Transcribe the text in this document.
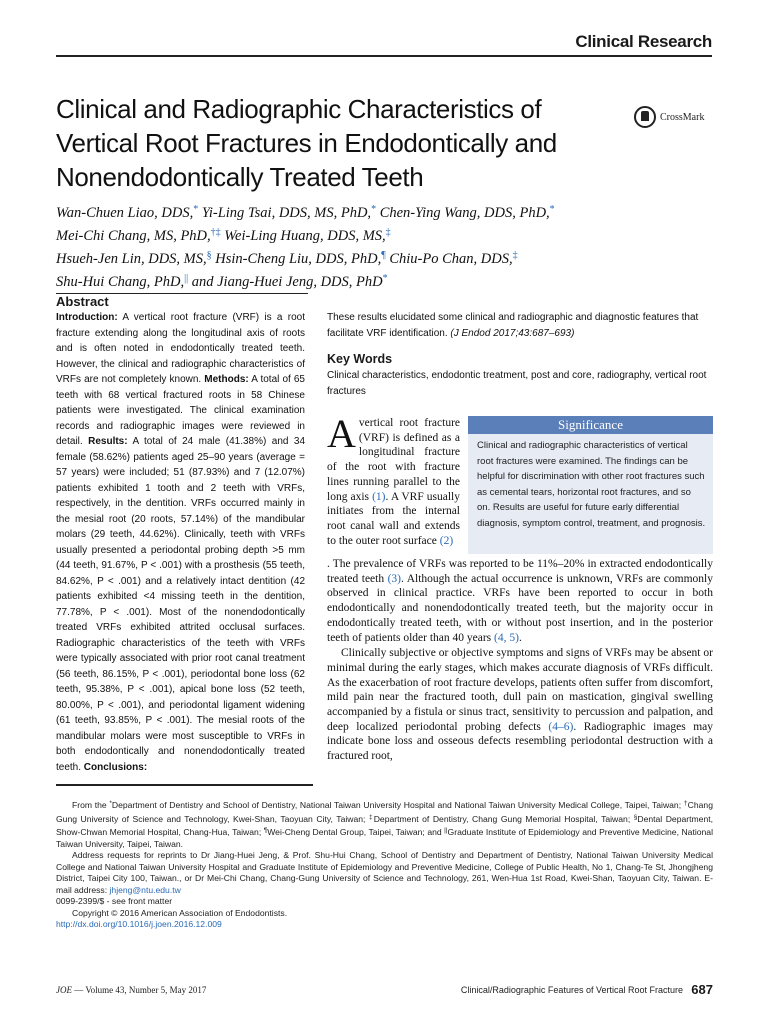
Clinical Research
Clinical and Radiographic Characteristics of
Vertical Root Fractures in Endodontically and
Nonendodontically Treated Teeth
CrossMark
Wan-Chuen Liao, DDS,* Yi-Ling Tsai, DDS, MS, PhD,* Chen-Ying Wang, DDS, PhD,*
Mei-Chi Chang, MS, PhD,†‡ Wei-Ling Huang, DDS, MS,‡
Hsueh-Jen Lin, DDS, MS,§ Hsin-Cheng Liu, DDS, PhD,¶ Chiu-Po Chan, DDS,‡
Shu-Hui Chang, PhD,|| and Jiang-Huei Jeng, DDS, PhD*
Abstract

Introduction: A vertical root fracture (VRF) is a root fracture extending along the longitudinal axis of roots and is often noted in endodontically treated teeth. However, the clinical and radiographic characteristics of VRFs are not completely known. Methods: A total of 65 teeth with 68 vertical fractured roots in 58 Chinese patients were investigated. The clinical examination records and radiographic images were reviewed in detail. Results: A total of 24 male (41.38%) and 34 female (58.62%) patients aged 25–90 years (average = 57 years) were included; 51 (87.93%) and 7 (12.07%) patients exhibited 1 tooth and 2 teeth with VRFs, respectively, in the dentition. VRFs occurred mainly in the mesial root (20 roots, 57.14%) of the mandibular molars (29 teeth, 44.62%). Clinically, teeth with VRFs usually presented a periodontal probing depth >5 mm (44 teeth, 91.67%, P < .001) with a prosthesis (55 teeth, 84.62%, P < .001) and a relatively intact dentition (42 patients exhibited <4 missing teeth in the dentition, 77.78%, P < .001). Most of the nonendodontically treated VRFs exhibited attrited occlusal surfaces. Radiographic characteristics of the teeth with VRFs were typically associated with prior root canal treatment (56 teeth, 86.15%, P < .001), periodontal bone loss (62 teeth, 95.38%, P < .001), apical bone loss (52 teeth, 80.00%, P < .001), and periodontal ligament widening (61 teeth, 93.85%, P < .001). The mesial roots of the mandibular molars were most susceptible to VRFs in both endodontically and nonendodontically treated teeth. Conclusions:

These results elucidated some clinical and radiographic and diagnostic features that facilitate VRF identification. (J Endod 2017;43:687–693)
Key Words
Clinical characteristics, endodontic treatment, post and core, radiography, vertical root fractures
Significance
Clinical and radiographic characteristics of vertical root fractures were examined. The findings can be helpful for discrimination with other root fractures such as cemental tears, horizontal root fractures, and so on. Results are useful for future early differential diagnosis, symptom control, treatment, and prognosis.
A vertical root fracture (VRF) is defined as a longitudinal fracture of the root with fracture lines running parallel to the long axis (1). A VRF usually initiates from the internal root canal wall and extends to the outer root surface (2)

. The prevalence of VRFs was reported to be 11%–20% in extracted endodontically treated teeth (3). Although the actual occurrence is unknown, VRFs are commonly observed in clinical practice. VRFs have been reported to occur in both endodontically and nonendodontically treated teeth, but the majority occur in endodontically treated teeth, with or without post insertion, and in the posterior teeth of patients older than 40 years (4, 5).

Clinically subjective or objective symptoms and signs of VRFs may be absent or minimal during the early stages, which makes accurate diagnosis of VRFs difficult. As the exacerbation of root fracture develops, patients often suffer from discomfort, mild pain near the fractured tooth, dull pain on mastication, gingival swelling accompanied by a fistula or sinus tract, sensitivity to percussion and palpation, and deep localized periodontal probing defects (4–6). Radiographic images may indicate bone loss and osseous defects resembling periodontal destruction with a fractured root,

From the *Department of Dentistry and School of Dentistry, National Taiwan University Hospital and National Taiwan University Medical College, Taipei, Taiwan; †Chang Gung University of Science and Technology, Kwei-Shan, Taoyuan City, Taiwan; ‡Department of Dentistry, Chang Gung Memorial Hospital, Taiwan; §Dental Department, Show-Chwan Memorial Hospital, Chang-Hua, Taiwan; ¶Wei-Cheng Dental Group, Taipei, Taiwan; and ||Graduate Institute of Epidemiology and Preventive Medicine, National Taiwan University, Taipei, Taiwan.

Address requests for reprints to Dr Jiang-Huei Jeng, & Prof. Shu-Hui Chang, School of Dentistry and Department of Dentistry, National Taiwan University Medical College and National Taiwan University Hospital and Graduate Institute of Epidemiology and Preventive Medicine, College of Public Health, No 1, Chang-Te St, Jhongjheng District, Taipei City 100, Taiwan., or Dr Mei-Chi Chang, Chang-Gung University of Science and Technology, 261, Wen-Hua 1st Road, Kwei-Shan, Taoyuan City, Taiwan. E-mail address: jhjeng@ntu.edu.tw

0099-2399/$ - see front matter

Copyright © 2016 American Association of Endodontists.

http://dx.doi.org/10.1016/j.joen.2016.12.009

JOE — Volume 43, Number 5, May 2017	Clinical/Radiographic Features of Vertical Root Fracture 687
